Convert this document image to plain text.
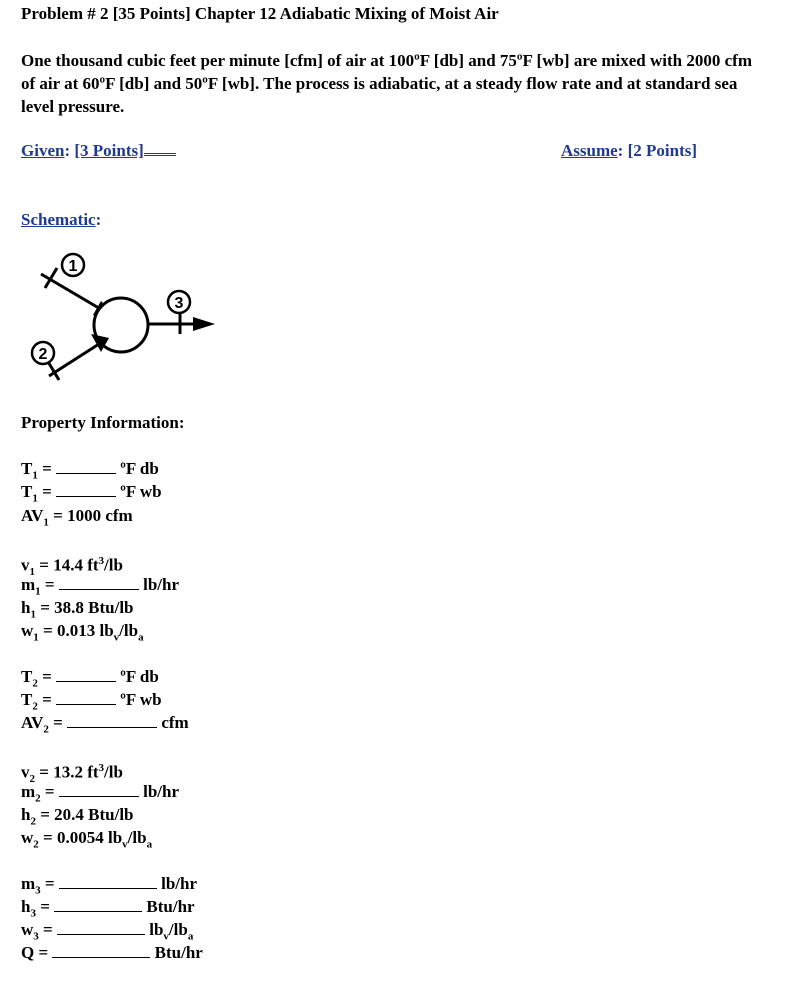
Problem # 2 [35 Points] Chapter 12 Adiabatic Mixing of Moist Air
One thousand cubic feet per minute [cfm] of air at 100ºF [db] and 75ºF [wb] are mixed with 2000 cfm of air at 60ºF [db] and 50ºF [wb]. The process is adiabatic, at a steady flow rate and at standard sea level pressure.
Given: [3 Points]	Assume: [2 Points]
Schematic:
1
2
3
Property Information:
$T_1$ =	ºF db
$T_1$ =	ºF wb
$AV_1 = 1000$ cfm
$v_1 = 14.4$ $ft^3/lb$
$m_1$ =	lb/hr
$h_1 = 38.8$ Btu/lb
$w_1 = 0.013$ $lb_v/lb_a$
$T_2$ =	ºF db
$T_2$ =	ºF wb
$AV_2$ =	cfm
$v_2 = 13.2$ $ft^3/lb$
$m_2$ =	lb/hr
$h_2 = 20.4$ Btu/lb
$w_2 = 0.0054$ $lb_v/lb_a$
$m_3$ =	lb/hr
$h_3$ =	Btu/hr
$w_3$ =	$lb_v/lb_a$
Q =	Btu/hr
